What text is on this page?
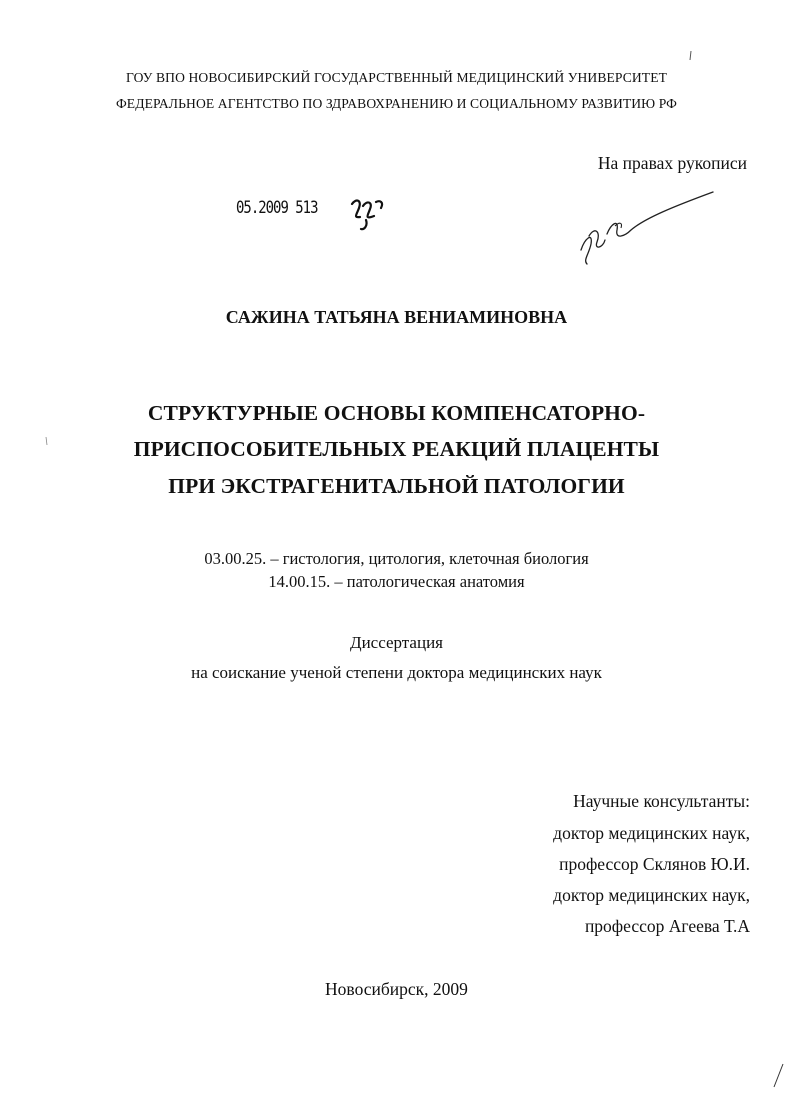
ГОУ ВПО НОВОСИБИРСКИЙ ГОСУДАРСТВЕННЫЙ МЕДИЦИНСКИЙ УНИВЕРСИТЕТ
ФЕДЕРАЛЬНОЕ АГЕНТСТВО ПО ЗДРАВОХРАНЕНИЮ И СОЦИАЛЬНОМУ РАЗВИТИЮ РФ
На правах рукописи
05.2009 513
САЖИНА ТАТЬЯНА ВЕНИАМИНОВНА
СТРУКТУРНЫЕ ОСНОВЫ КОМПЕНСАТОРНО-
ПРИСПОСОБИТЕЛЬНЫХ РЕАКЦИЙ ПЛАЦЕНТЫ
ПРИ ЭКСТРАГЕНИТАЛЬНОЙ ПАТОЛОГИИ
03.00.25. – гистология, цитология, клеточная биология
14.00.15. – патологическая анатомия
Диссертация
на соискание ученой степени доктора медицинских наук
Научные консультанты:
доктор медицинских наук,
профессор Склянов Ю.И.
доктор медицинских наук,
профессор Агеева Т.А
Новосибирск, 2009
